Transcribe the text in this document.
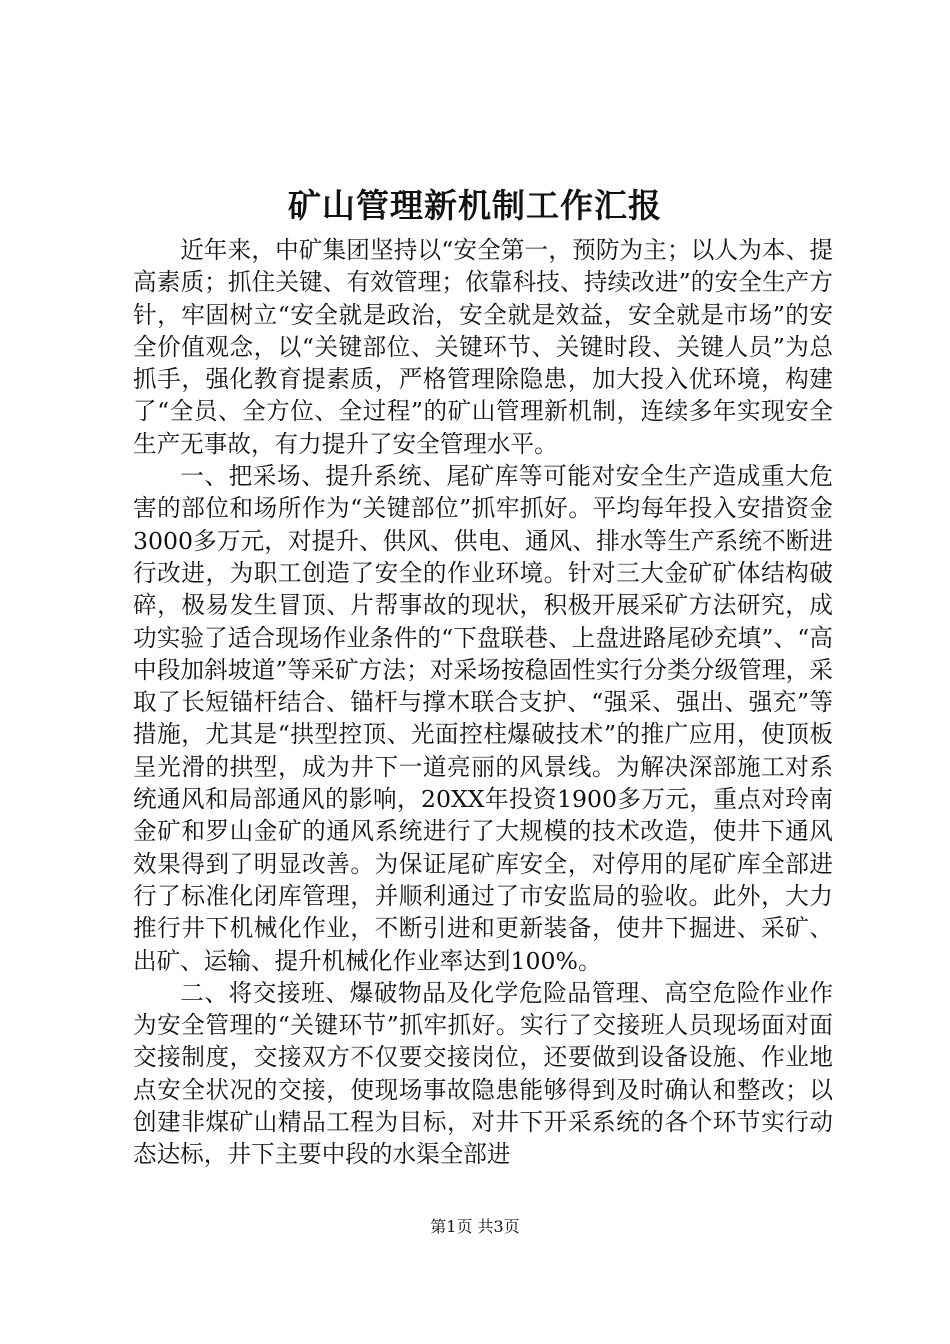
矿山管理新机制工作汇报

近年来，中矿集团坚持以“安全第一，预防为主；以人为本、提高素质；抓住关键、有效管理；依靠科技、持续改进”的安全生产方针，牢固树立“安全就是政治，安全就是效益，安全就是市场”的安全价值观念，以“关键部位、关键环节、关键时段、关键人员”为总抓手，强化教育提素质，严格管理除隐患，加大投入优环境，构建了“全员、全方位、全过程”的矿山管理新机制，连续多年实现安全生产无事故，有力提升了安全管理水平。

一、把采场、提升系统、尾矿库等可能对安全生产造成重大危害的部位和场所作为“关键部位”抓牢抓好。平均每年投入安措资金3000多万元，对提升、供风、供电、通风、排水等生产系统不断进行改进，为职工创造了安全的作业环境。针对三大金矿矿体结构破碎，极易发生冒顶、片帮事故的现状，积极开展采矿方法研究，成功实验了适合现场作业条件的“下盘联巷、上盘进路尾砂充填”、“高中段加斜坡道”等采矿方法；对采场按稳固性实行分类分级管理，采取了长短锚杆结合、锚杆与撑木联合支护、“强采、强出、强充”等措施，尤其是“拱型控顶、光面控柱爆破技术”的推广应用，使顶板呈光滑的拱型，成为井下一道亮丽的风景线。为解决深部施工对系统通风和局部通风的影响，20XX年投资1900多万元，重点对玲南金矿和罗山金矿的通风系统进行了大规模的技术改造，使井下通风效果得到了明显改善。为保证尾矿库安全，对停用的尾矿库全部进行了标准化闭库管理，并顺利通过了市安监局的验收。此外，大力推行井下机械化作业，不断引进和更新装备，使井下掘进、采矿、出矿、运输、提升机械化作业率达到100%。

二、将交接班、爆破物品及化学危险品管理、高空危险作业作为安全管理的“关键环节”抓牢抓好。实行了交接班人员现场面对面交接制度，交接双方不仅要交接岗位，还要做到设备设施、作业地点安全状况的交接，使现场事故隐患能够得到及时确认和整改；以创建非煤矿山精品工程为目标，对井下开采系统的各个环节实行动态达标，井下主要中段的水渠全部进

第1页 共3页
